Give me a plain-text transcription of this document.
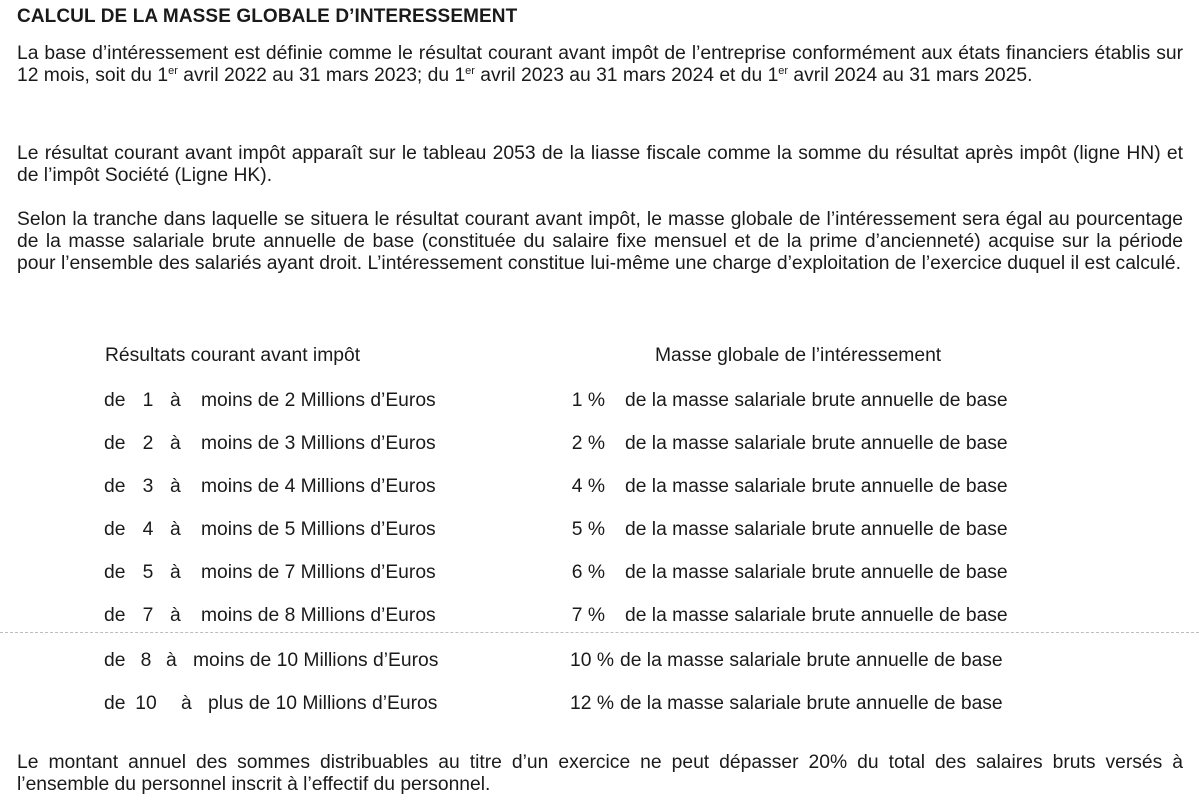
CALCUL DE LA MASSE GLOBALE D’INTERESSEMENT

La base d’intéressement est définie comme le résultat courant avant impôt de l’entreprise conformément aux états financiers établis sur 12 mois, soit du 1er avril 2022 au 31 mars 2023; du 1er avril 2023 au 31 mars 2024 et du 1er avril 2024 au 31 mars 2025.

Le résultat courant avant impôt apparaît sur le tableau 2053 de la liasse fiscale comme la somme du résultat après impôt (ligne HN) et de l’impôt Société (Ligne HK).

Selon la tranche dans laquelle se situera le résultat courant avant impôt, le masse globale de l’intéressement sera égal au pourcentage de la masse salariale brute annuelle de base (constituée du salaire fixe mensuel et de la prime d’ancienneté) acquise sur la période pour l’ensemble des salariés ayant droit. L’intéressement constitue lui-même une charge d’exploitation de l’exercice duquel il est calculé.

Résultats courant avant impôt	Masse globale de l’intéressement
de 1 à moins de 2 Millions d’Euros	1 % de la masse salariale brute annuelle de base
de 2 à moins de 3 Millions d’Euros	2 % de la masse salariale brute annuelle de base
de 3 à moins de 4 Millions d’Euros	4 % de la masse salariale brute annuelle de base
de 4 à moins de 5 Millions d’Euros	5 % de la masse salariale brute annuelle de base
de 5 à moins de 7 Millions d’Euros	6 % de la masse salariale brute annuelle de base
de 7 à moins de 8 Millions d’Euros	7 % de la masse salariale brute annuelle de base
de 8 à moins de 10 Millions d’Euros	10 % de la masse salariale brute annuelle de base
de 10 à plus de 10 Millions d’Euros	12 % de la masse salariale brute annuelle de base

Le montant annuel des sommes distribuables au titre d’un exercice ne peut dépasser 20% du total des salaires bruts versés à l’ensemble du personnel inscrit à l’effectif du personnel.
